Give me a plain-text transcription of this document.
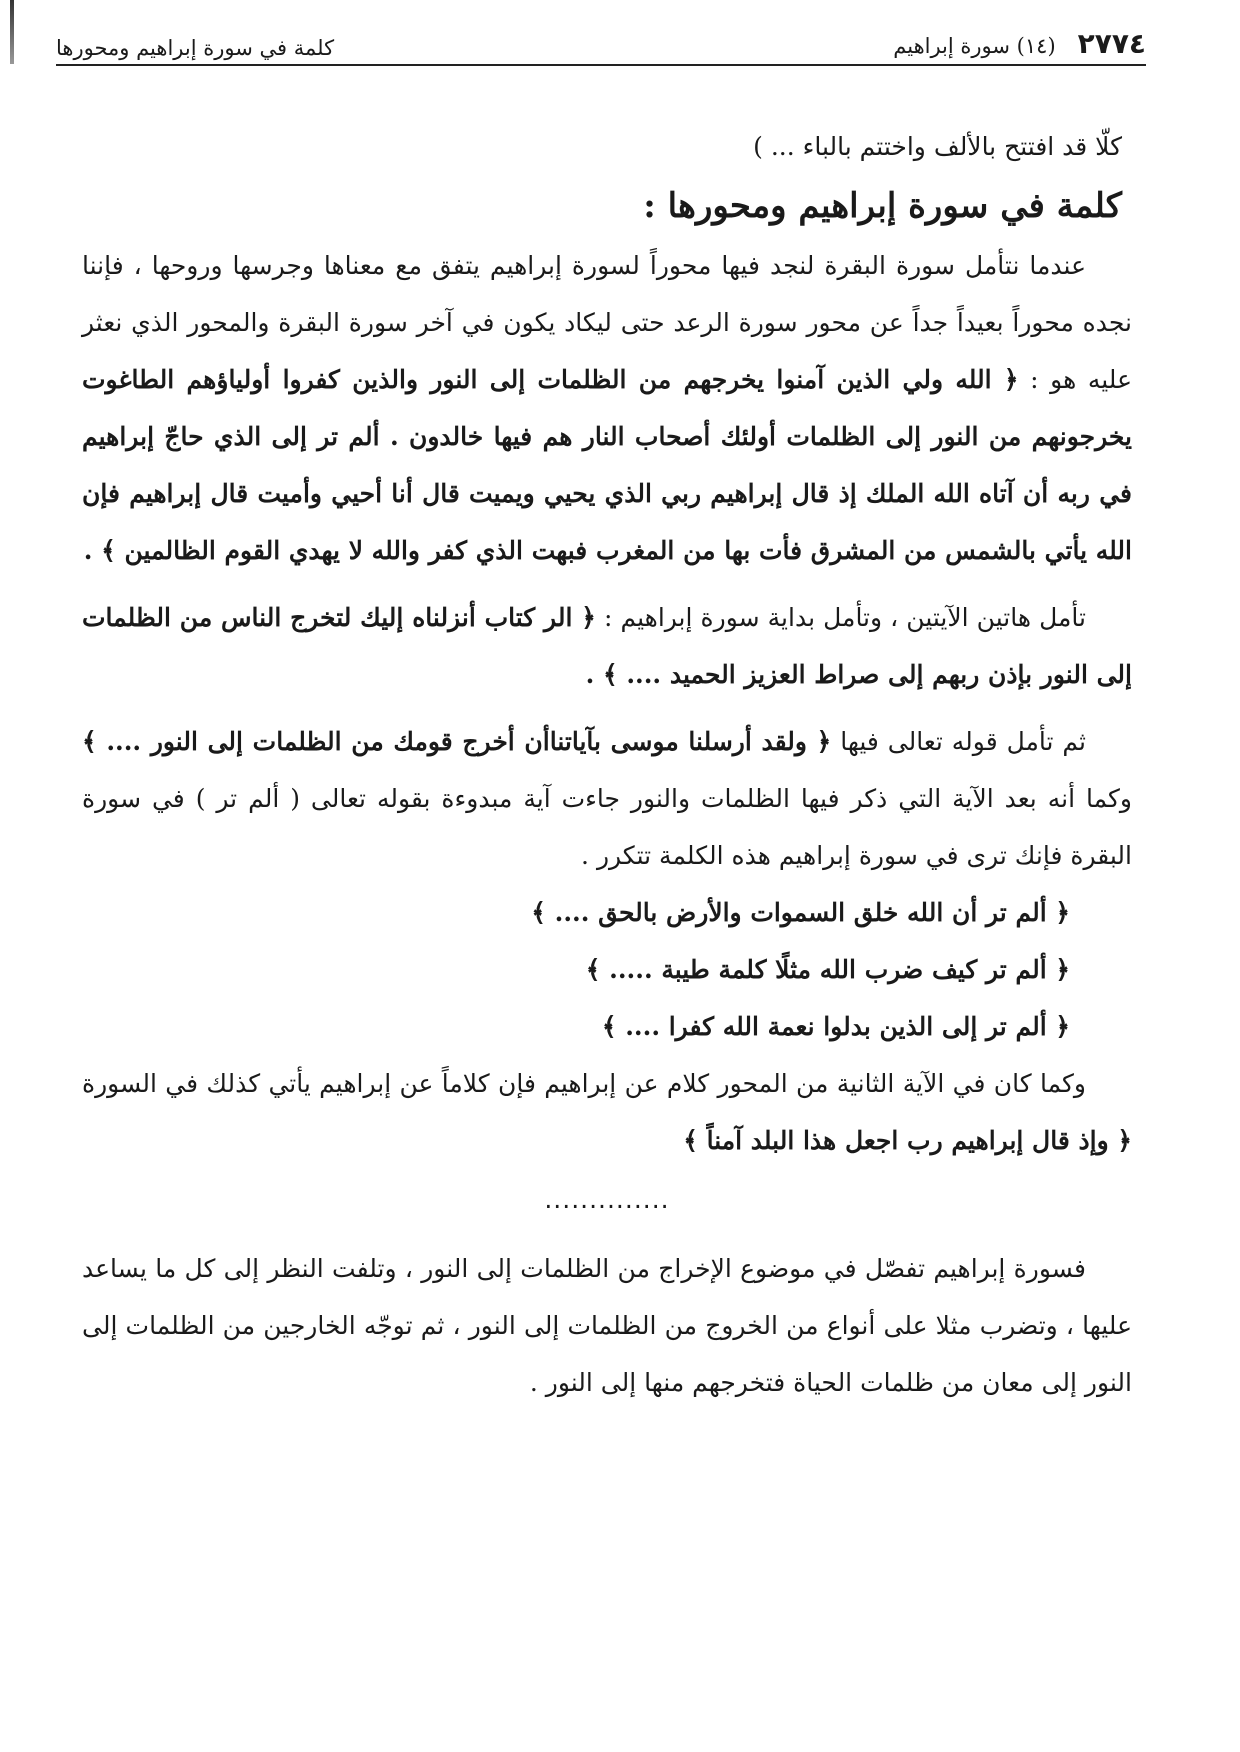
٢٧٧٤
(١٤) سورة إبراهيم
كلمة في سورة إبراهيم ومحورها

كلّا قد افتتح بالألف واختتم بالباء ... )

كلمة في سورة إبراهيم ومحورها :

عندما نتأمل سورة البقرة لنجد فيها محوراً لسورة إبراهيم يتفق مع معناها وجرسها وروحها ، فإننا نجده محوراً بعيداً جداً عن محور سورة الرعد حتى ليكاد يكون في آخر سورة البقرة والمحور الذي نعثر عليه هو : ﴿ الله ولي الذين آمنوا يخرجهم من الظلمات إلى النور والذين كفروا أولياؤهم الطاغوت يخرجونهم من النور إلى الظلمات أولئك أصحاب النار هم فيها خالدون . ألم تر إلى الذي حاجّ إبراهيم في ربه أن آتاه الله الملك إذ قال إبراهيم ربي الذي يحيي ويميت قال أنا أحيي وأميت قال إبراهيم فإن الله يأتي بالشمس من المشرق فأت بها من المغرب فبهت الذي كفر والله لا يهدي القوم الظالمين ﴾ .

تأمل هاتين الآيتين ، وتأمل بداية سورة إبراهيم : ﴿ الر كتاب أنزلناه إليك لتخرج الناس من الظلمات إلى النور بإذن ربهم إلى صراط العزيز الحميد .... ﴾ .

ثم تأمل قوله تعالى فيها ﴿ ولقد أرسلنا موسى بآياتناأن أخرج قومك من الظلمات إلى النور .... ﴾ وكما أنه بعد الآية التي ذكر فيها الظلمات والنور جاءت آية مبدوءة بقوله تعالى ( ألم تر ) في سورة البقرة فإنك ترى في سورة إبراهيم هذه الكلمة تتكرر .

﴿ ألم تر أن الله خلق السموات والأرض بالحق .... ﴾

﴿ ألم تر كيف ضرب الله مثلًا كلمة طيبة ..... ﴾

﴿ ألم تر إلى الذين بدلوا نعمة الله كفرا .... ﴾

وكما كان في الآية الثانية من المحور كلام عن إبراهيم فإن كلاماً عن إبراهيم يأتي كذلك في السورة ﴿ وإذ قال إبراهيم رب اجعل هذا البلد آمناً ﴾

..............

فسورة إبراهيم تفصّل في موضوع الإخراج من الظلمات إلى النور ، وتلفت النظر إلى كل ما يساعد عليها ، وتضرب مثلا على أنواع من الخروج من الظلمات إلى النور ، ثم توجّه الخارجين من الظلمات إلى النور إلى معان من ظلمات الحياة فتخرجهم منها إلى النور .
